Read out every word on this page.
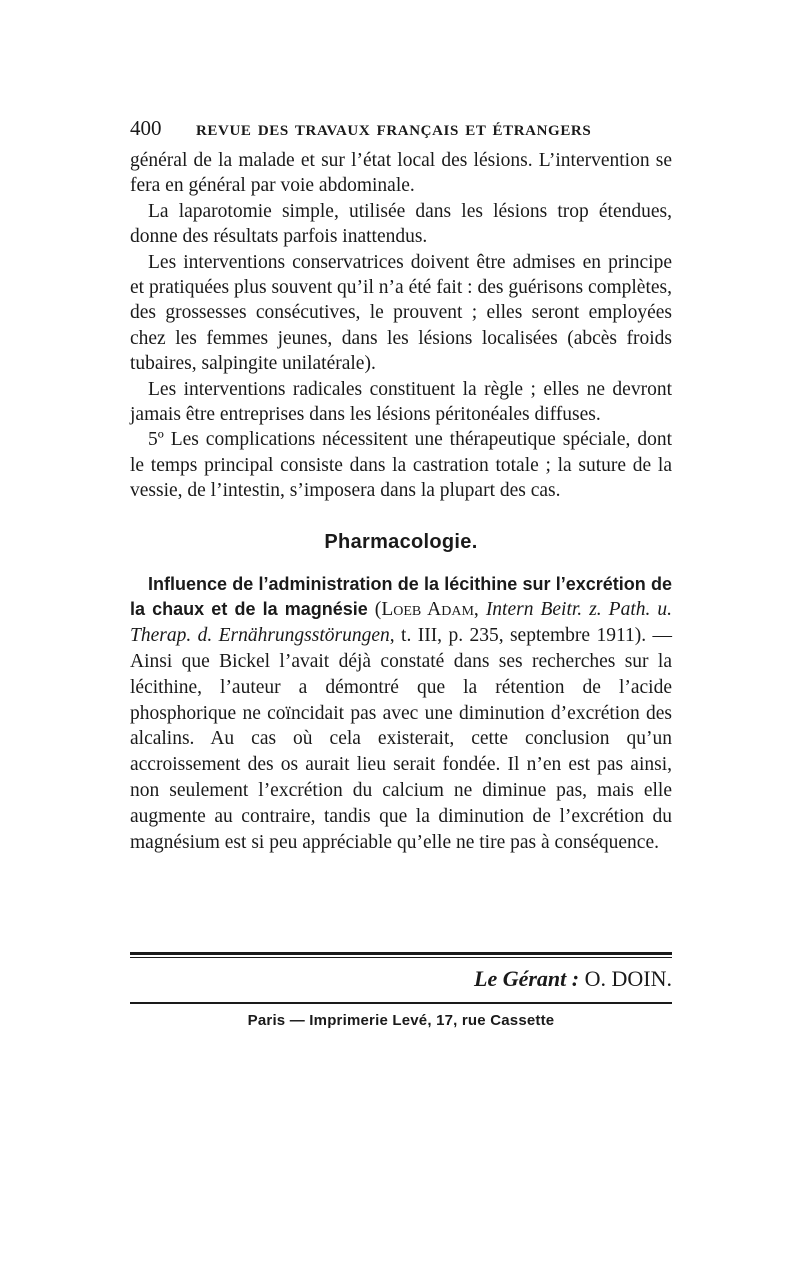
400	REVUE DES TRAVAUX FRANÇAIS ET ÉTRANGERS

général de la malade et sur l’état local des lésions. L’intervention se fera en général par voie abdominale.

La laparotomie simple, utilisée dans les lésions trop étendues, donne des résultats parfois inattendus.

Les interventions conservatrices doivent être admises en principe et pratiquées plus souvent qu’il n’a été fait : des guérisons complètes, des grossesses consécutives, le prouvent ; elles seront employées chez les femmes jeunes, dans les lésions localisées (abcès froids tubaires, salpingite unilatérale).

Les interventions radicales constituent la règle ; elles ne devront jamais être entreprises dans les lésions péritonéales diffuses.

5º Les complications nécessitent une thérapeutique spéciale, dont le temps principal consiste dans la castration totale ; la suture de la vessie, de l’intestin, s’imposera dans la plupart des cas.

Pharmacologie.

Influence de l’administration de la lécithine sur l’excrétion de la chaux et de la magnésie (Loeb Adam, Intern Beitr. z. Path. u. Therap. d. Ernährungsstörungen, t. III, p. 235, septembre 1911). — Ainsi que Bickel l’avait déjà constaté dans ses recherches sur la lécithine, l’auteur a démontré que la rétention de l’acide phosphorique ne coïncidait pas avec une diminution d’excrétion des alcalins. Au cas où cela existerait, cette conclusion qu’un accroissement des os aurait lieu serait fondée. Il n’en est pas ainsi, non seulement l’excrétion du calcium ne diminue pas, mais elle augmente au contraire, tandis que la diminution de l’excrétion du magnésium est si peu appréciable qu’elle ne tire pas à conséquence.

Le Gérant : O. DOIN.
Paris — Imprimerie Levé, 17, rue Cassette
